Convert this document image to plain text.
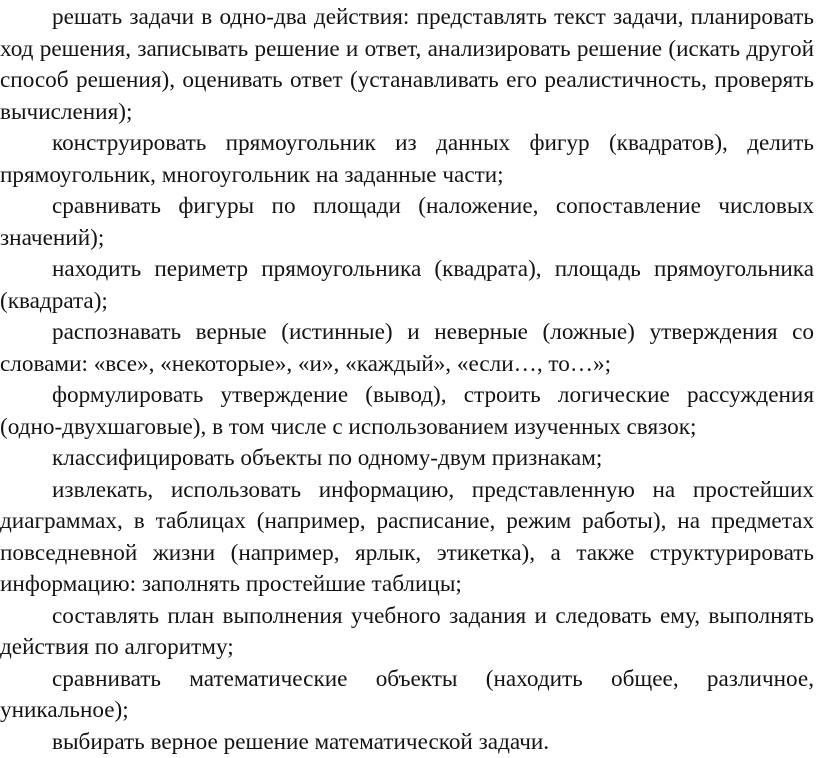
решать задачи в одно-два действия: представлять текст задачи, планировать ход решения, записывать решение и ответ, анализировать решение (искать другой способ решения), оценивать ответ (устанавливать его реалистичность, проверять вычисления);

конструировать прямоугольник из данных фигур (квадратов), делить прямоугольник, многоугольник на заданные части;

сравнивать фигуры по площади (наложение, сопоставление числовых значений);

находить периметр прямоугольника (квадрата), площадь прямоугольника (квадрата);

распознавать верные (истинные) и неверные (ложные) утверждения со словами: «все», «некоторые», «и», «каждый», «если…, то…»;

формулировать утверждение (вывод), строить логические рассуждения (одно-двухшаговые), в том числе с использованием изученных связок;

классифицировать объекты по одному-двум признакам;

извлекать, использовать информацию, представленную на простейших диаграммах, в таблицах (например, расписание, режим работы), на предметах повседневной жизни (например, ярлык, этикетка), а также структурировать информацию: заполнять простейшие таблицы;

составлять план выполнения учебного задания и следовать ему, выполнять действия по алгоритму;

сравнивать математические объекты (находить общее, различное, уникальное);

выбирать верное решение математической задачи.
